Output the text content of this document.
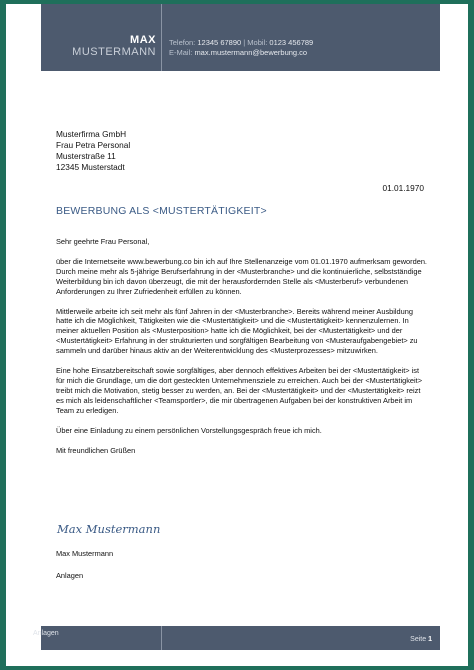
MAX
MUSTERMANN
Telefon: 12345 67890 | Mobil: 0123 456789
E-Mail: max.mustermann@bewerbung.co
Musterfirma GmbH
Frau Petra Personal
Musterstraße 11
12345 Musterstadt
01.01.1970
BEWERBUNG ALS <MUSTERTÄTIGKEIT>

Sehr geehrte Frau Personal,

über die Internetseite www.bewerbung.co bin ich auf Ihre Stellenanzeige vom 01.01.1970 aufmerksam geworden. Durch meine mehr als 5-jährige Berufserfahrung in der <Musterbranche> und die kontinuierliche, selbstständige Weiterbildung bin ich davon überzeugt, die mit der herausfordernden Stelle als <Musterberuf> verbundenen Anforderungen zu Ihrer Zufriedenheit erfüllen zu können.

Mittlerweile arbeite ich seit mehr als fünf Jahren in der <Musterbranche>. Bereits während meiner Ausbildung hatte ich die Möglichkeit, Tätigkeiten wie die <Mustertätigkeit> und die <Mustertätigkeit> kennenzulernen. In meiner aktuellen Position als <Musterposition> hatte ich die Möglichkeit, bei der <Mustertätigkeit> und der <Mustertätigkeit> Erfahrung in der strukturierten und sorgfältigen Bearbeitung von <Musteraufgabengebiet> zu sammeln und darüber hinaus aktiv an der Weiterentwicklung des <Musterprozesses> mitzuwirken.

Eine hohe Einsatzbereitschaft sowie sorgfältiges, aber dennoch effektives Arbeiten bei der <Mustertätigkeit> ist für mich die Grundlage, um die dort gesteckten Unternehmensziele zu erreichen. Auch bei der <Mustertätigkeit> treibt mich die Motivation, stetig besser zu werden, an. Bei der <Mustertätigkeit> und der <Mustertätigkeit> reizt es mich als leidenschaftlicher <Teamsportler>, die mir übertragenen Aufgaben bei der konstruktiven Arbeit im Team zu erledigen.

Über eine Einladung zu einem persönlichen Vorstellungsgespräch freue ich mich.

Mit freundlichen Grüßen

Max Mustermann
Max Mustermann
Anlagen
Anlagen
Seite 1
